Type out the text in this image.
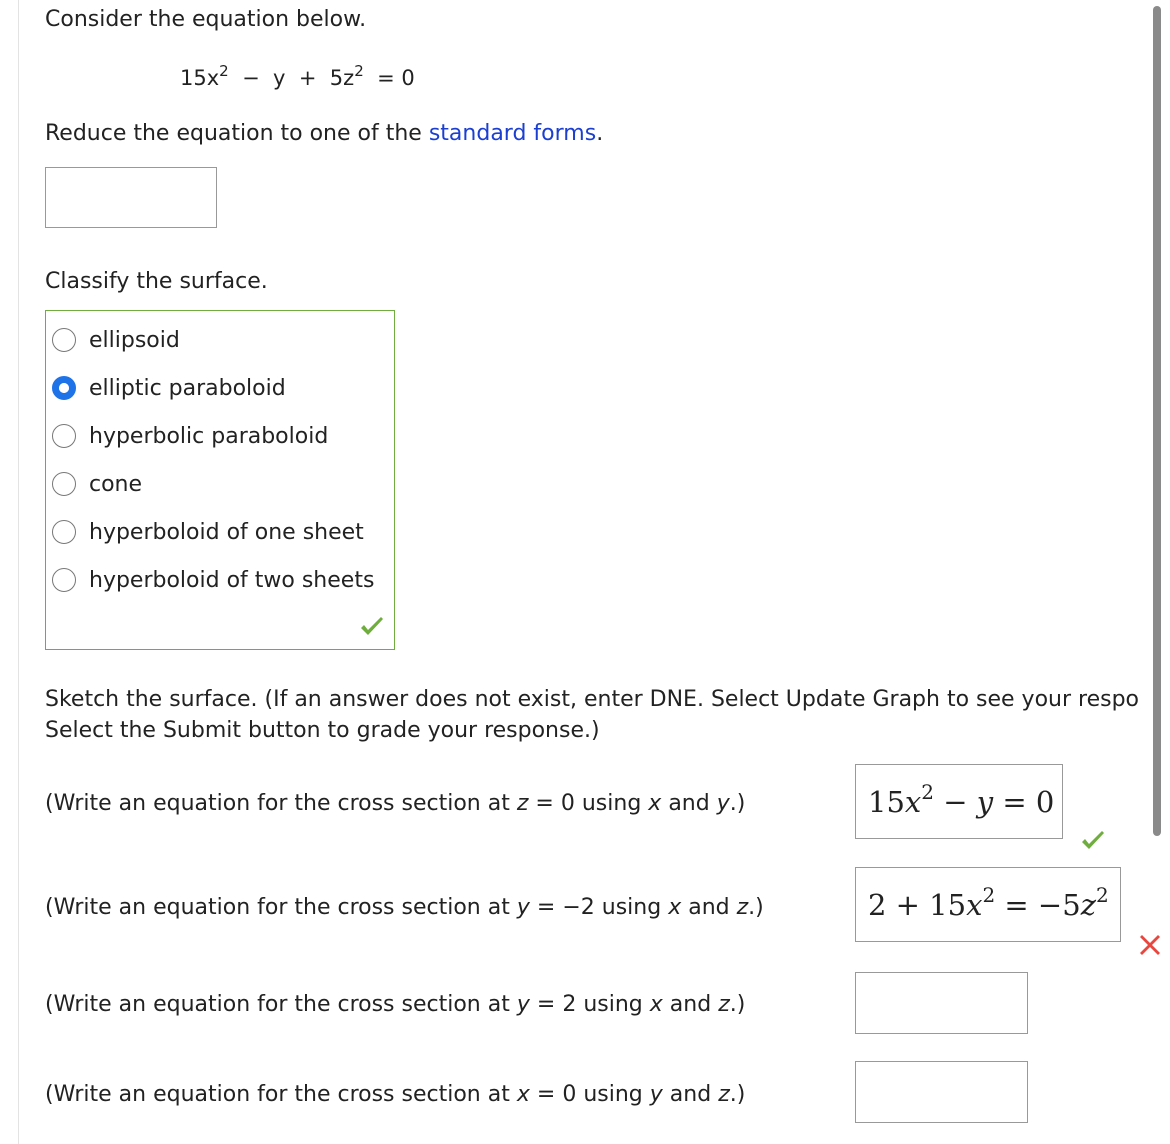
Consider the equation below.
$15x^2 - y + 5z^2 = 0$
Reduce the equation to one of the standard forms.
Classify the surface.
ellipsoid
elliptic paraboloid
hyperbolic paraboloid
cone
hyperboloid of one sheet
hyperboloid of two sheets
Sketch the surface. (If an answer does not exist, enter DNE. Select Update Graph to see your respo
Select the Submit button to grade your response.)
(Write an equation for the cross section at z = 0 using x and y.)	$15x^2 - y = 0$
(Write an equation for the cross section at y = −2 using x and z.)	$2 + 15x^2 = -5z^2$
(Write an equation for the cross section at y = 2 using x and z.)
(Write an equation for the cross section at x = 0 using y and z.)
